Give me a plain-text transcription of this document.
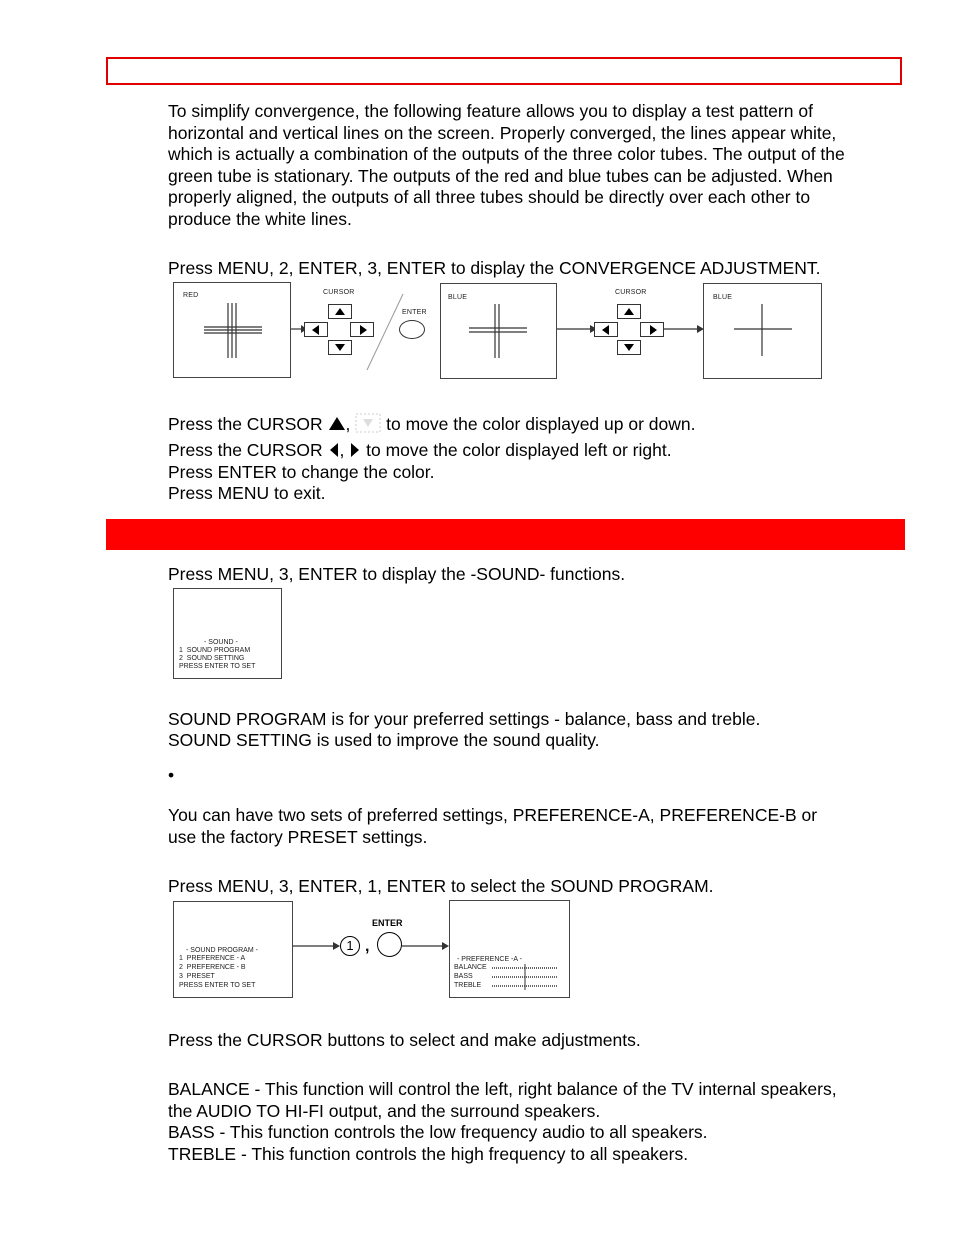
To simplify convergence, the following feature allows you to display a test pattern of
horizontal and vertical lines on the screen. Properly converged, the lines appear white,
which is actually a combination of the outputs of the three color tubes. The output of the
green tube is stationary. The outputs of the red and blue tubes can be adjusted. When
properly aligned, the outputs of all three tubes should be directly over each other to
produce the white lines.
Press MENU, 2, ENTER, 3, ENTER to display the CONVERGENCE ADJUSTMENT.
RED	CURSOR
ENTER
BLUE
CURSOR
BLUE
Press the CURSOR , to move the color displayed up or down.
Press the CURSOR , to move the color displayed left or right.
Press ENTER to change the color.
Press MENU to exit.
Press MENU, 3, ENTER to display the -SOUND- functions.
- SOUND -
1  SOUND PROGRAM
2  SOUND SETTING
PRESS ENTER TO SET
SOUND PROGRAM is for your preferred settings - balance, bass and treble.
SOUND SETTING is used to improve the sound quality.
•
You can have two sets of preferred settings, PREFERENCE-A, PREFERENCE-B or
use the factory PRESET settings.
Press MENU, 3, ENTER, 1, ENTER to select the SOUND PROGRAM.
- SOUND PROGRAM -
1  PREFERENCE - A
2  PREFERENCE - B
3  PRESET
PRESS ENTER TO SET
1 ,
ENTER
- PREFERENCE -A -
BALANCE
BASS
TREBLE
Press the CURSOR buttons to select and make adjustments.
BALANCE - This function will control the left, right balance of the TV internal speakers,
the AUDIO TO HI-FI output, and the surround speakers.
BASS - This function controls the low frequency audio to all speakers.
TREBLE - This function controls the high frequency to all speakers.
